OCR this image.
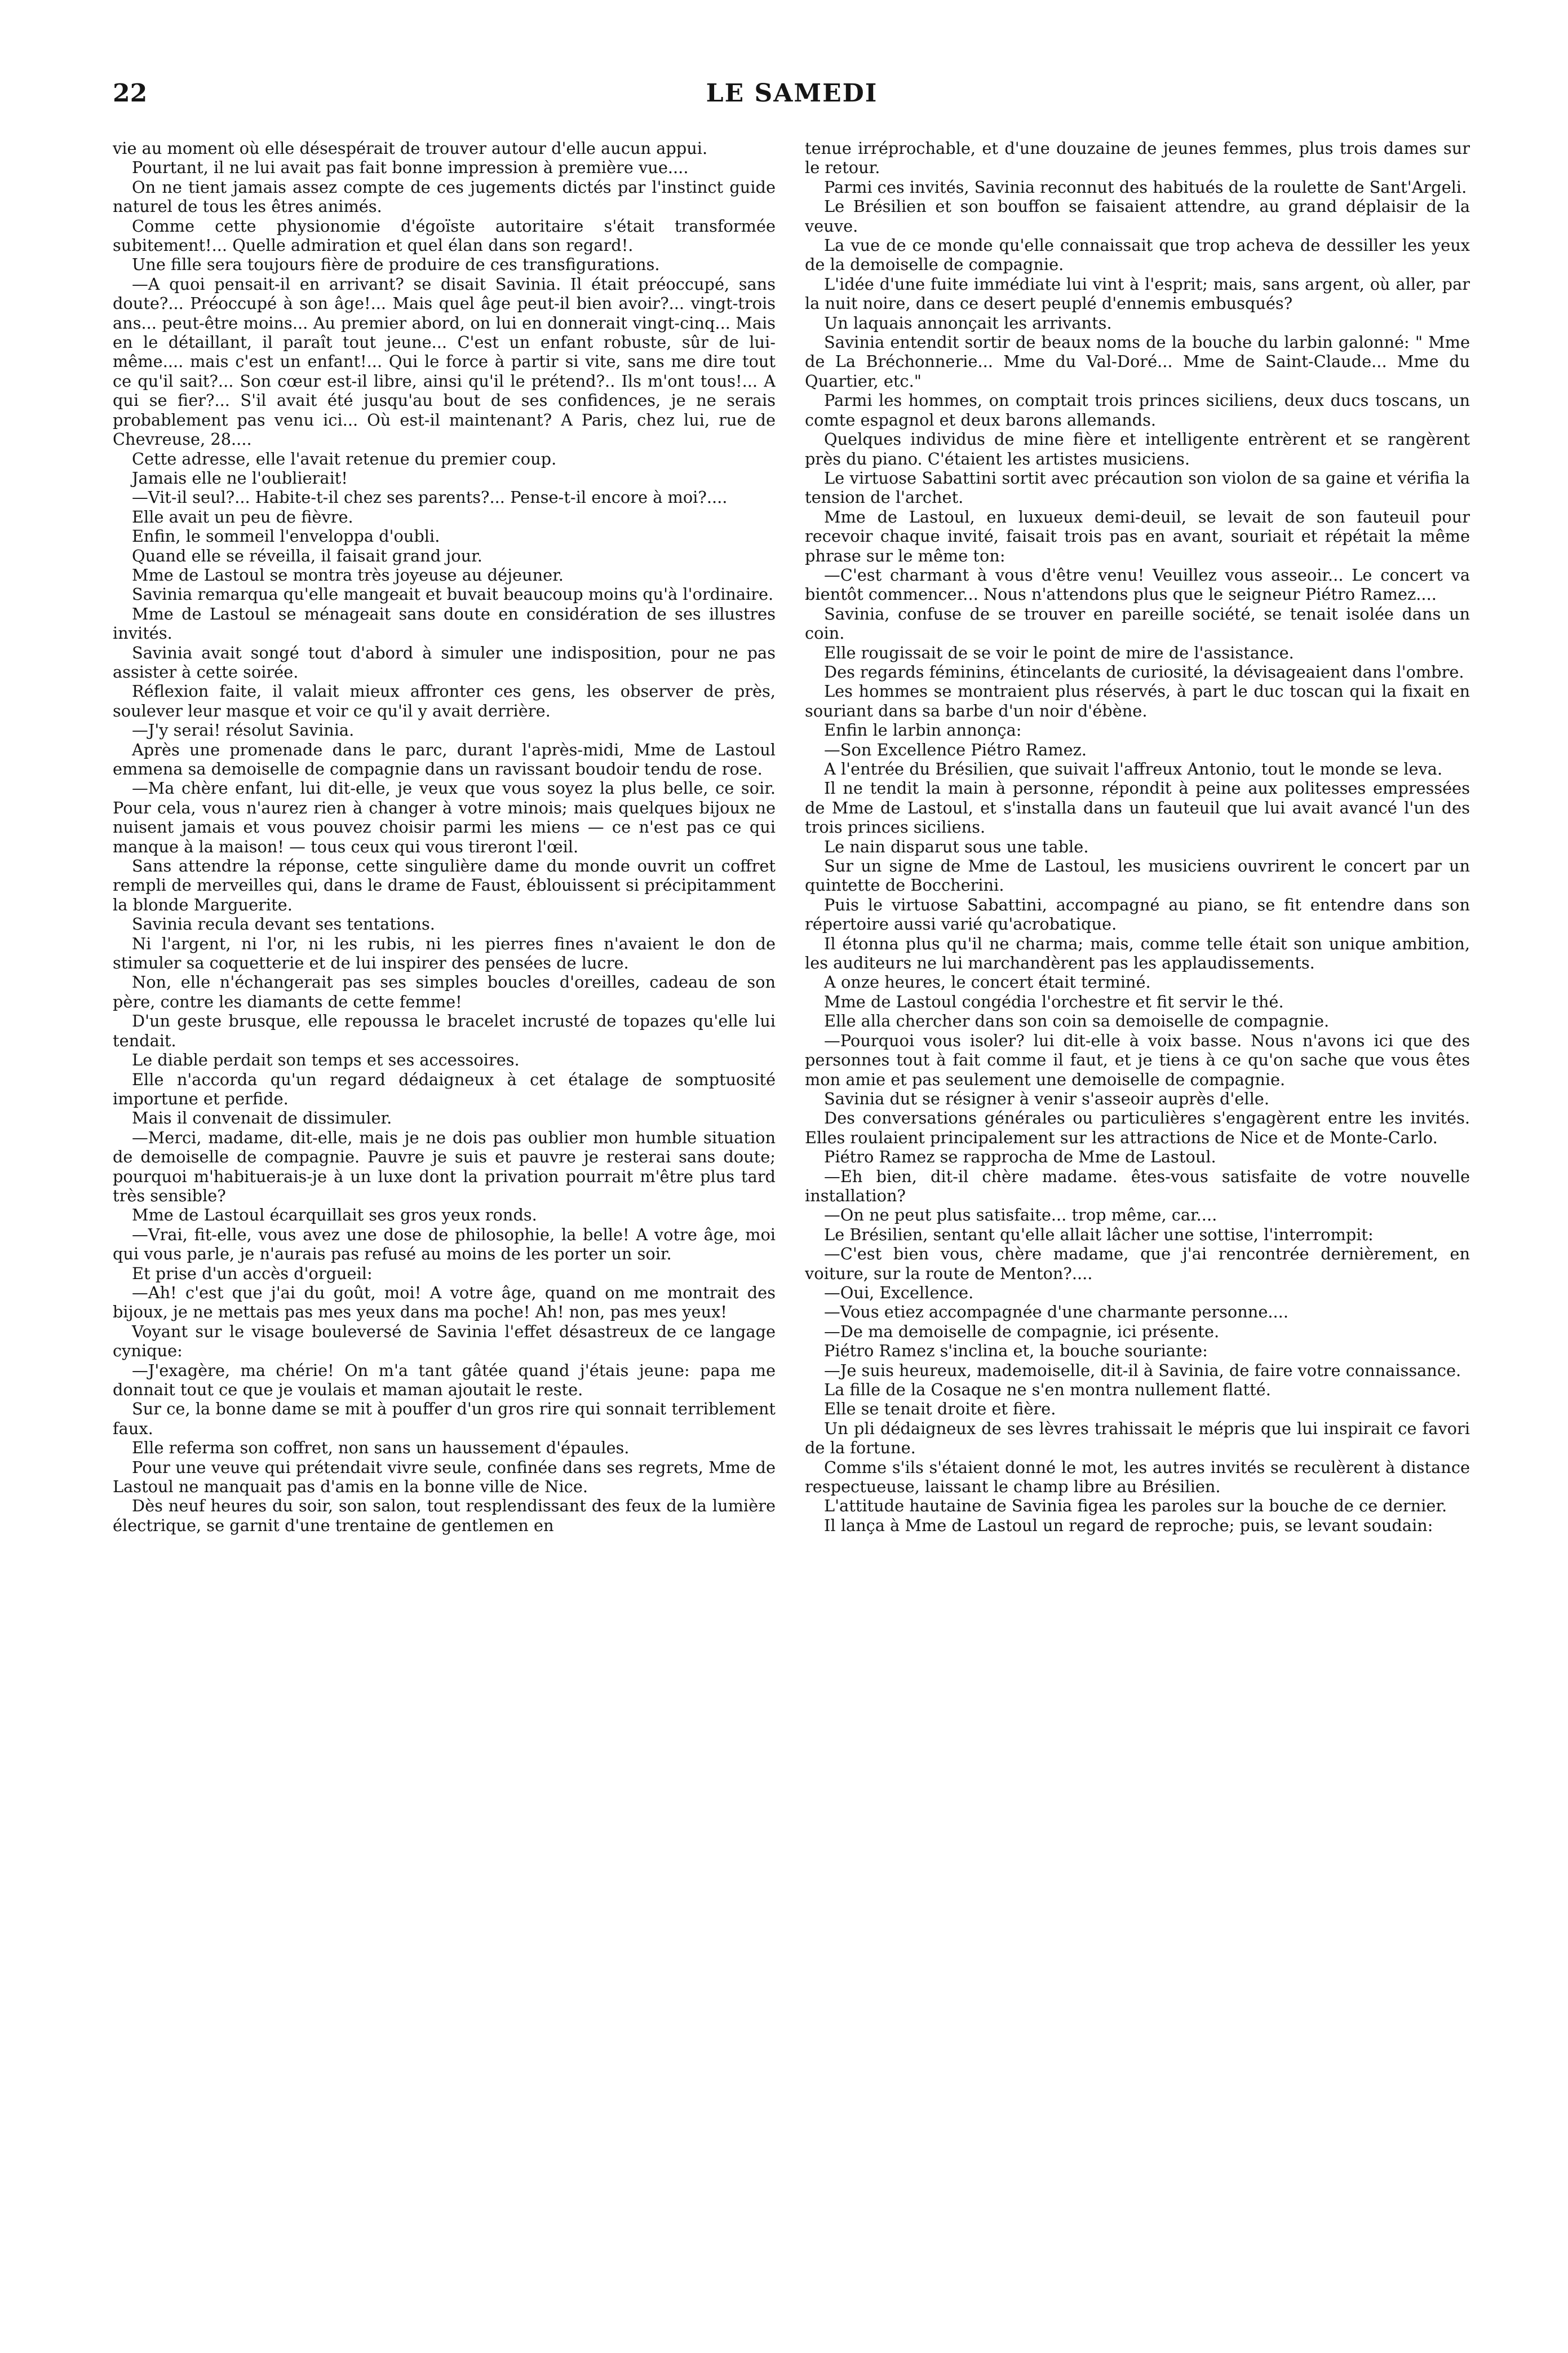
22	LE SAMEDI

vie au moment où elle désespérait de trouver autour d'elle aucun appui.

Pourtant, il ne lui avait pas fait bonne impression à première vue....

On ne tient jamais assez compte de ces jugements dictés par l'instinct guide naturel de tous les êtres animés.

Comme cette physionomie d'égoïste autoritaire s'était transformée subitement!... Quelle admiration et quel élan dans son regard!.

Une fille sera toujours fière de produire de ces transfigurations.

—A quoi pensait-il en arrivant? se disait Savinia. Il était préoccupé, sans doute?... Préoccupé à son âge!... Mais quel âge peut-il bien avoir?... vingt-trois ans... peut-être moins... Au premier abord, on lui en donnerait vingt-cinq... Mais en le détaillant, il paraît tout jeune... C'est un enfant robuste, sûr de lui-même.... mais c'est un enfant!... Qui le force à partir si vite, sans me dire tout ce qu'il sait?... Son cœur est-il libre, ainsi qu'il le prétend?.. Ils m'ont tous!... A qui se fier?... S'il avait été jusqu'au bout de ses confidences, je ne serais probablement pas venu ici... Où est-il maintenant? A Paris, chez lui, rue de Chevreuse, 28....

Cette adresse, elle l'avait retenue du premier coup.

Jamais elle ne l'oublierait!

—Vit-il seul?... Habite-t-il chez ses parents?... Pense-t-il encore à moi?....

Elle avait un peu de fièvre.

Enfin, le sommeil l'enveloppa d'oubli.

Quand elle se réveilla, il faisait grand jour.

Mme de Lastoul se montra très joyeuse au déjeuner.

Savinia remarqua qu'elle mangeait et buvait beaucoup moins qu'à l'ordinaire.

Mme de Lastoul se ménageait sans doute en considération de ses illustres invités.

Savinia avait songé tout d'abord à simuler une indisposition, pour ne pas assister à cette soirée.

Réflexion faite, il valait mieux affronter ces gens, les observer de près, soulever leur masque et voir ce qu'il y avait derrière.

—J'y serai! résolut Savinia.

Après une promenade dans le parc, durant l'après-midi, Mme de Lastoul emmena sa demoiselle de compagnie dans un ravissant boudoir tendu de rose.

—Ma chère enfant, lui dit-elle, je veux que vous soyez la plus belle, ce soir. Pour cela, vous n'aurez rien à changer à votre minois; mais quelques bijoux ne nuisent jamais et vous pouvez choisir parmi les miens — ce n'est pas ce qui manque à la maison! — tous ceux qui vous tireront l'œil.

Sans attendre la réponse, cette singulière dame du monde ouvrit un coffret rempli de merveilles qui, dans le drame de Faust, éblouissent si précipitamment la blonde Marguerite.

Savinia recula devant ses tentations.

Ni l'argent, ni l'or, ni les rubis, ni les pierres fines n'avaient le don de stimuler sa coquetterie et de lui inspirer des pensées de lucre.

Non, elle n'échangerait pas ses simples boucles d'oreilles, cadeau de son père, contre les diamants de cette femme!

D'un geste brusque, elle repoussa le bracelet incrusté de topazes qu'elle lui tendait.

Le diable perdait son temps et ses accessoires.

Elle n'accorda qu'un regard dédaigneux à cet étalage de somptuosité importune et perfide.

Mais il convenait de dissimuler.

—Merci, madame, dit-elle, mais je ne dois pas oublier mon humble situation de demoiselle de compagnie. Pauvre je suis et pauvre je resterai sans doute; pourquoi m'habituerais-je à un luxe dont la privation pourrait m'être plus tard très sensible?

Mme de Lastoul écarquillait ses gros yeux ronds.

—Vrai, fit-elle, vous avez une dose de philosophie, la belle! A votre âge, moi qui vous parle, je n'aurais pas refusé au moins de les porter un soir.

Et prise d'un accès d'orgueil:

—Ah! c'est que j'ai du goût, moi! A votre âge, quand on me montrait des bijoux, je ne mettais pas mes yeux dans ma poche! Ah! non, pas mes yeux!

Voyant sur le visage bouleversé de Savinia l'effet désastreux de ce langage cynique:

—J'exagère, ma chérie! On m'a tant gâtée quand j'étais jeune: papa me donnait tout ce que je voulais et maman ajoutait le reste.

Sur ce, la bonne dame se mit à pouffer d'un gros rire qui sonnait terriblement faux.

Elle referma son coffret, non sans un haussement d'épaules.

Pour une veuve qui prétendait vivre seule, confinée dans ses regrets, Mme de Lastoul ne manquait pas d'amis en la bonne ville de Nice.

Dès neuf heures du soir, son salon, tout resplendissant des feux de la lumière électrique, se garnit d'une trentaine de gentlemen en

tenue irréprochable, et d'une douzaine de jeunes femmes, plus trois dames sur le retour.

Parmi ces invités, Savinia reconnut des habitués de la roulette de Sant'Argeli.

Le Brésilien et son bouffon se faisaient attendre, au grand déplaisir de la veuve.

La vue de ce monde qu'elle connaissait que trop acheva de dessiller les yeux de la demoiselle de compagnie.

L'idée d'une fuite immédiate lui vint à l'esprit; mais, sans argent, où aller, par la nuit noire, dans ce desert peuplé d'ennemis embusqués?

Un laquais annonçait les arrivants.

Savinia entendit sortir de beaux noms de la bouche du larbin galonné: " Mme de La Bréchonnerie... Mme du Val-Doré... Mme de Saint-Claude... Mme du Quartier, etc."

Parmi les hommes, on comptait trois princes siciliens, deux ducs toscans, un comte espagnol et deux barons allemands.

Quelques individus de mine fière et intelligente entrèrent et se rangèrent près du piano. C'étaient les artistes musiciens.

Le virtuose Sabattini sortit avec précaution son violon de sa gaine et vérifia la tension de l'archet.

Mme de Lastoul, en luxueux demi-deuil, se levait de son fauteuil pour recevoir chaque invité, faisait trois pas en avant, souriait et répétait la même phrase sur le même ton:

—C'est charmant à vous d'être venu! Veuillez vous asseoir... Le concert va bientôt commencer... Nous n'attendons plus que le seigneur Piétro Ramez....

Savinia, confuse de se trouver en pareille société, se tenait isolée dans un coin.

Elle rougissait de se voir le point de mire de l'assistance.

Des regards féminins, étincelants de curiosité, la dévisageaient dans l'ombre.

Les hommes se montraient plus réservés, à part le duc toscan qui la fixait en souriant dans sa barbe d'un noir d'ébène.

Enfin le larbin annonça:

—Son Excellence Piétro Ramez.

A l'entrée du Brésilien, que suivait l'affreux Antonio, tout le monde se leva.

Il ne tendit la main à personne, répondit à peine aux politesses empressées de Mme de Lastoul, et s'installa dans un fauteuil que lui avait avancé l'un des trois princes siciliens.

Le nain disparut sous une table.

Sur un signe de Mme de Lastoul, les musiciens ouvrirent le concert par un quintette de Boccherini.

Puis le virtuose Sabattini, accompagné au piano, se fit entendre dans son répertoire aussi varié qu'acrobatique.

Il étonna plus qu'il ne charma; mais, comme telle était son unique ambition, les auditeurs ne lui marchandèrent pas les applaudissements.

A onze heures, le concert était terminé.

Mme de Lastoul congédia l'orchestre et fit servir le thé.

Elle alla chercher dans son coin sa demoiselle de compagnie.

—Pourquoi vous isoler? lui dit-elle à voix basse. Nous n'avons ici que des personnes tout à fait comme il faut, et je tiens à ce qu'on sache que vous êtes mon amie et pas seulement une demoiselle de compagnie.

Savinia dut se résigner à venir s'asseoir auprès d'elle.

Des conversations générales ou particulières s'engagèrent entre les invités. Elles roulaient principalement sur les attractions de Nice et de Monte-Carlo.

Piétro Ramez se rapprocha de Mme de Lastoul.

—Eh bien, dit-il chère madame. êtes-vous satisfaite de votre nouvelle installation?

—On ne peut plus satisfaite... trop même, car....

Le Brésilien, sentant qu'elle allait lâcher une sottise, l'interrompit:

—C'est bien vous, chère madame, que j'ai rencontrée dernièrement, en voiture, sur la route de Menton?....

—Oui, Excellence.

—Vous etiez accompagnée d'une charmante personne....

—De ma demoiselle de compagnie, ici présente.

Piétro Ramez s'inclina et, la bouche souriante:

—Je suis heureux, mademoiselle, dit-il à Savinia, de faire votre connaissance.

La fille de la Cosaque ne s'en montra nullement flatté.

Elle se tenait droite et fière.

Un pli dédaigneux de ses lèvres trahissait le mépris que lui inspirait ce favori de la fortune.

Comme s'ils s'étaient donné le mot, les autres invités se reculèrent à distance respectueuse, laissant le champ libre au Brésilien.

L'attitude hautaine de Savinia figea les paroles sur la bouche de ce dernier.

Il lança à Mme de Lastoul un regard de reproche; puis, se levant soudain:
